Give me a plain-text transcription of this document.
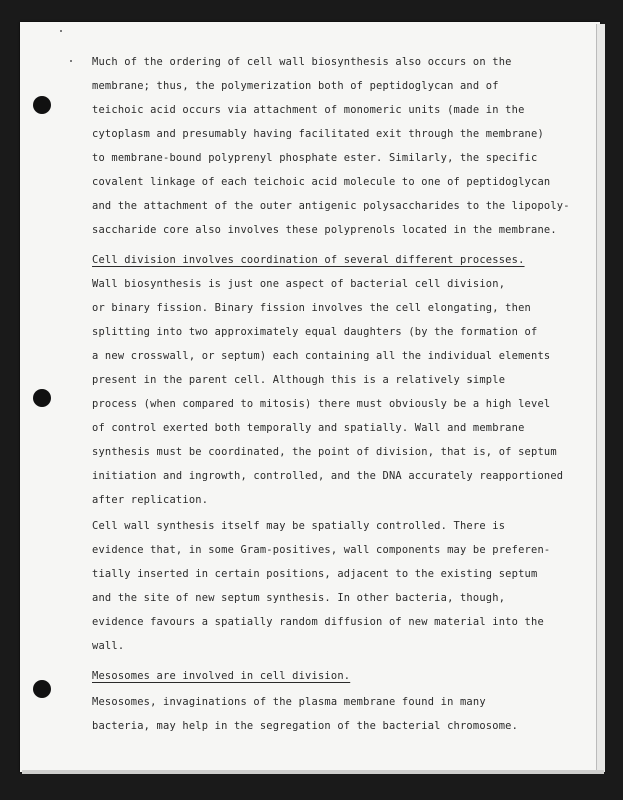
Much of the ordering of cell wall biosynthesis also occurs on the
membrane; thus, the polymerization both of peptidoglycan and of
teichoic acid occurs via attachment of monomeric units (made in the
cytoplasm and presumably having facilitated exit through the membrane)
to membrane-bound polyprenyl phosphate ester. Similarly, the specific
covalent linkage of each teichoic acid molecule to one of peptidoglycan
and the attachment of the outer antigenic polysaccharides to the lipopoly-
saccharide core also involves these polyprenols located in the membrane.
Cell division involves coordination of several different processes.
Wall biosynthesis is just one aspect of bacterial cell division,
or binary fission. Binary fission involves the cell elongating, then
splitting into two approximately equal daughters (by the formation of
a new crosswall, or septum) each containing all the individual elements
present in the parent cell. Although this is a relatively simple
process (when compared to mitosis) there must obviously be a high level
of control exerted both temporally and spatially. Wall and membrane
synthesis must be coordinated, the point of division, that is, of septum
initiation and ingrowth, controlled, and the DNA accurately reapportioned
after replication.
Cell wall synthesis itself may be spatially controlled. There is
evidence that, in some Gram-positives, wall components may be preferen-
tially inserted in certain positions, adjacent to the existing septum
and the site of new septum synthesis. In other bacteria, though,
evidence favours a spatially random diffusion of new material into the
wall.
Mesosomes are involved in cell division.
Mesosomes, invaginations of the plasma membrane found in many
bacteria, may help in the segregation of the bacterial chromosome.
